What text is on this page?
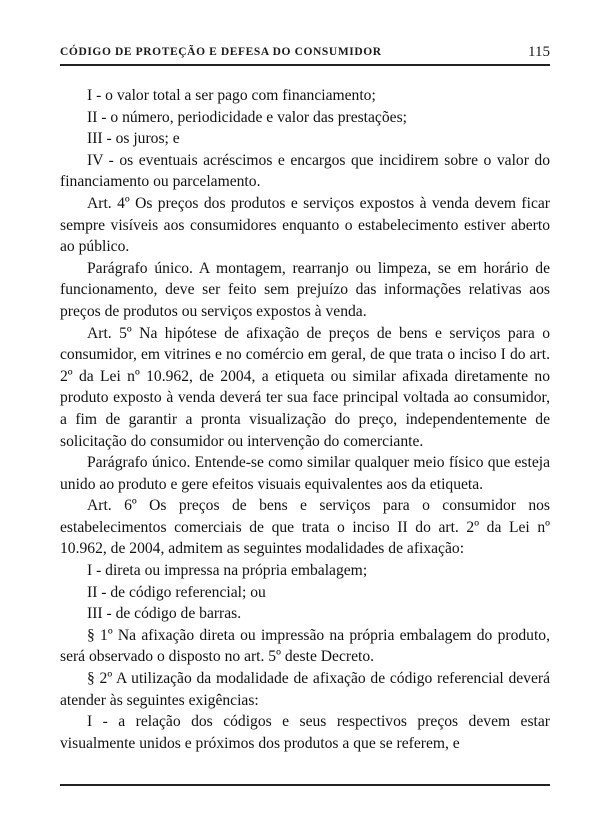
CÓDIGO DE PROTEÇÃO E DEFESA DO CONSUMIDOR	115

I - o valor total a ser pago com financiamento;

II - o número, periodicidade e valor das prestações;

III - os juros; e

IV - os eventuais acréscimos e encargos que incidirem sobre o valor do financiamento ou parcelamento.

Art. 4º Os preços dos produtos e serviços expostos à venda devem ficar sempre visíveis aos consumidores enquanto o estabelecimento estiver aberto ao público.

Parágrafo único. A montagem, rearranjo ou limpeza, se em horário de funcionamento, deve ser feito sem prejuízo das informações relativas aos preços de produtos ou serviços expostos à venda.

Art. 5º Na hipótese de afixação de preços de bens e serviços para o consumidor, em vitrines e no comércio em geral, de que trata o inciso I do art. 2º da Lei nº 10.962, de 2004, a etiqueta ou similar afixada diretamente no produto exposto à venda deverá ter sua face principal voltada ao consumidor, a fim de garantir a pronta visualização do preço, independentemente de solicitação do consumidor ou intervenção do comerciante.

Parágrafo único. Entende-se como similar qualquer meio físico que esteja unido ao produto e gere efeitos visuais equivalentes aos da etiqueta.

Art. 6º Os preços de bens e serviços para o consumidor nos estabelecimentos comerciais de que trata o inciso II do art. 2º da Lei nº 10.962, de 2004, admitem as seguintes modalidades de afixação:

I - direta ou impressa na própria embalagem;

II - de código referencial; ou

III - de código de barras.

§ 1º Na afixação direta ou impressão na própria embalagem do produto, será observado o disposto no art. 5º deste Decreto.

§ 2º A utilização da modalidade de afixação de código referencial deverá atender às seguintes exigências:

I - a relação dos códigos e seus respectivos preços devem estar visualmente unidos e próximos dos produtos a que se referem, e
